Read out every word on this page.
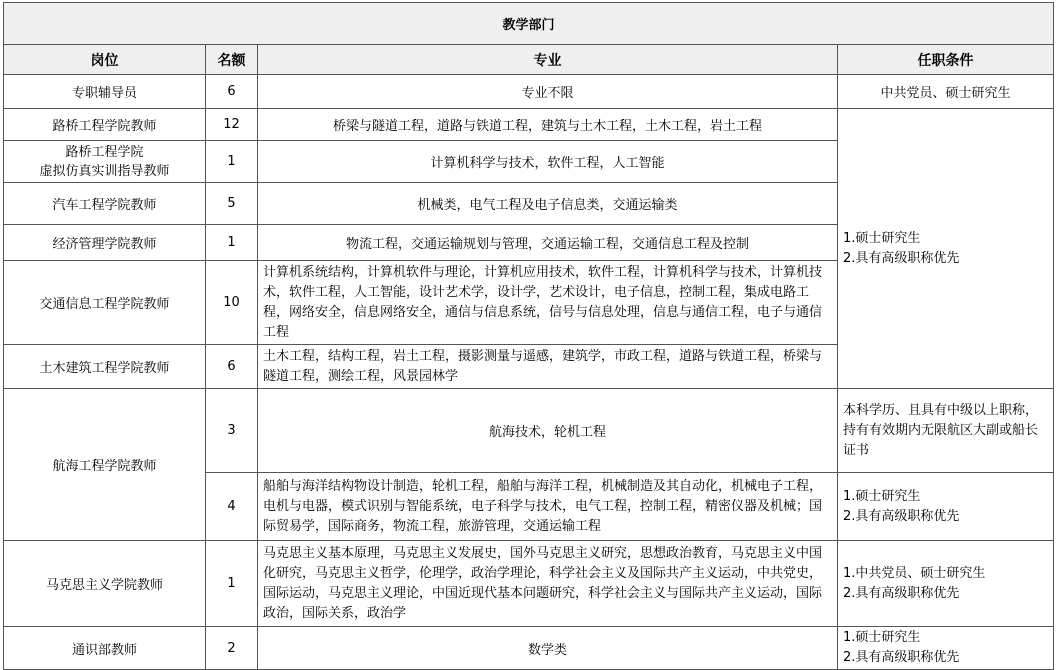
教学部门			
岗位	名额	专业	任职条件
专职辅导员	6	专业不限	中共党员、硕士研究生
路桥工程学院教师	12	桥梁与隧道工程，道路与铁道工程，建筑与土木工程，土木工程，岩土工程	1.硕士研究生
2.具有高级职称优先

路桥工程学院
虚拟仿真实训指导教师	1	计算机科学与技术，软件工程，人工智能	
汽车工程学院教师	5	机械类，电气工程及电子信息类，交通运输类	
经济管理学院教师	1	物流工程，交通运输规划与管理，交通运输工程，交通信息工程及控制	
交通信息工程学院教师	10	计算机系统结构，计算机软件与理论，计算机应用技术，软件工程，计算机科学与技术，计算机技术，软件工程，人工智能，设计艺术学，设计学，艺术设计，电子信息，控制工程，集成电路工程，网络安全，信息网络安全，通信与信息系统，信号与信息处理，信息与通信工程，电子与通信工程	
土木建筑工程学院教师	6	土木工程，结构工程，岩土工程，摄影测量与遥感，建筑学，市政工程，道路与铁道工程，桥梁与隧道工程，测绘工程，风景园林学	
航海工程学院教师	3	航海技术，轮机工程	本科学历、且具有中级以上职称，持有有效期内无限航区大副或船长证书
	4	船舶与海洋结构物设计制造，轮机工程，船舶与海洋工程，机械制造及其自动化，机械电子工程，电机与电器，模式识别与智能系统，电子科学与技术，电气工程，控制工程，精密仪器及机械；国际贸易学，国际商务，物流工程，旅游管理，交通运输工程	1.硕士研究生
2.具有高级职称优先

马克思主义学院教师	1	马克思主义基本原理，马克思主义发展史，国外马克思主义研究，思想政治教育，马克思主义中国化研究，马克思主义哲学，伦理学，政治学理论，科学社会主义及国际共产主义运动，中共党史，国际运动，马克思主义理论，中国近现代基本问题研究，科学社会主义与国际共产主义运动，国际政治，国际关系，政治学	1.中共党员、硕士研究生
2.具有高级职称优先

通识部教师	2	数学类	1.硕士研究生
2.具有高级职称优先
